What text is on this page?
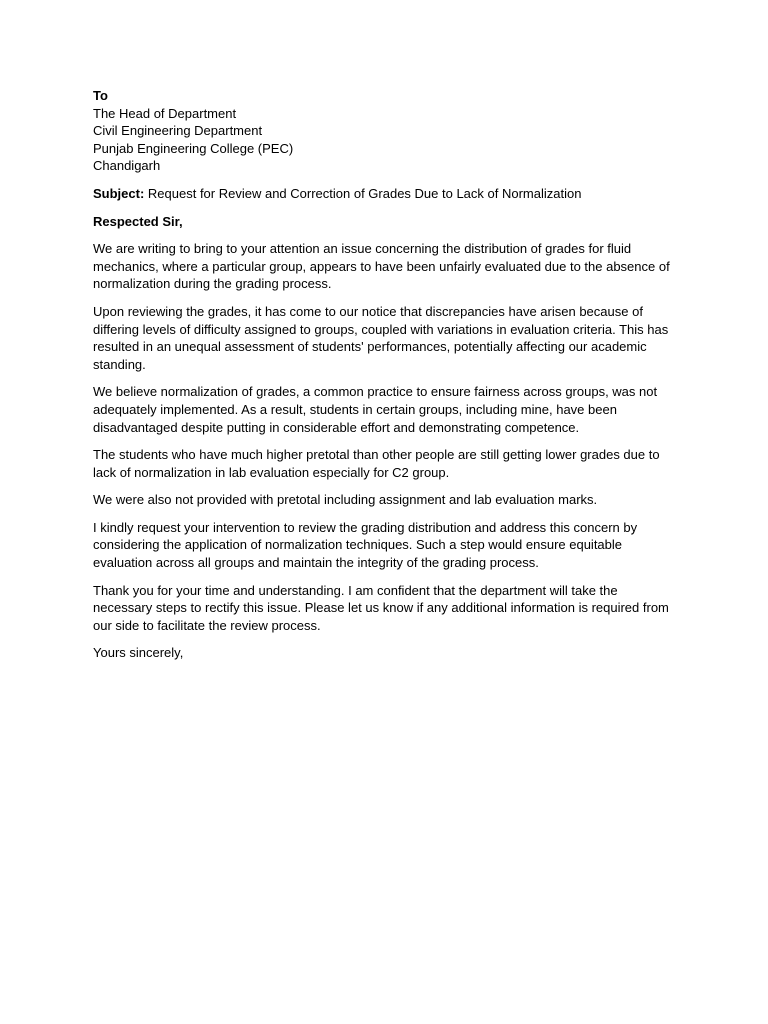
To

The Head of Department

Civil Engineering Department

Punjab Engineering College (PEC)

Chandigarh

Subject: Request for Review and Correction of Grades Due to Lack of Normalization

Respected Sir,

We are writing to bring to your attention an issue concerning the distribution of grades for fluid mechanics, where a particular group, appears to have been unfairly evaluated due to the absence of normalization during the grading process.

Upon reviewing the grades, it has come to our notice that discrepancies have arisen because of differing levels of difficulty assigned to groups, coupled with variations in evaluation criteria. This has resulted in an unequal assessment of students' performances, potentially affecting our academic standing.

We believe normalization of grades, a common practice to ensure fairness across groups, was not adequately implemented. As a result, students in certain groups, including mine, have been disadvantaged despite putting in considerable effort and demonstrating competence.

The students who have much higher pretotal than other people are still getting lower grades due to lack of normalization in lab evaluation especially for C2 group.

We were also not provided with pretotal including assignment and lab evaluation marks.

I kindly request your intervention to review the grading distribution and address this concern by considering the application of normalization techniques. Such a step would ensure equitable evaluation across all groups and maintain the integrity of the grading process.

Thank you for your time and understanding. I am confident that the department will take the necessary steps to rectify this issue. Please let us know if any additional information is required from our side to facilitate the review process.

Yours sincerely,
